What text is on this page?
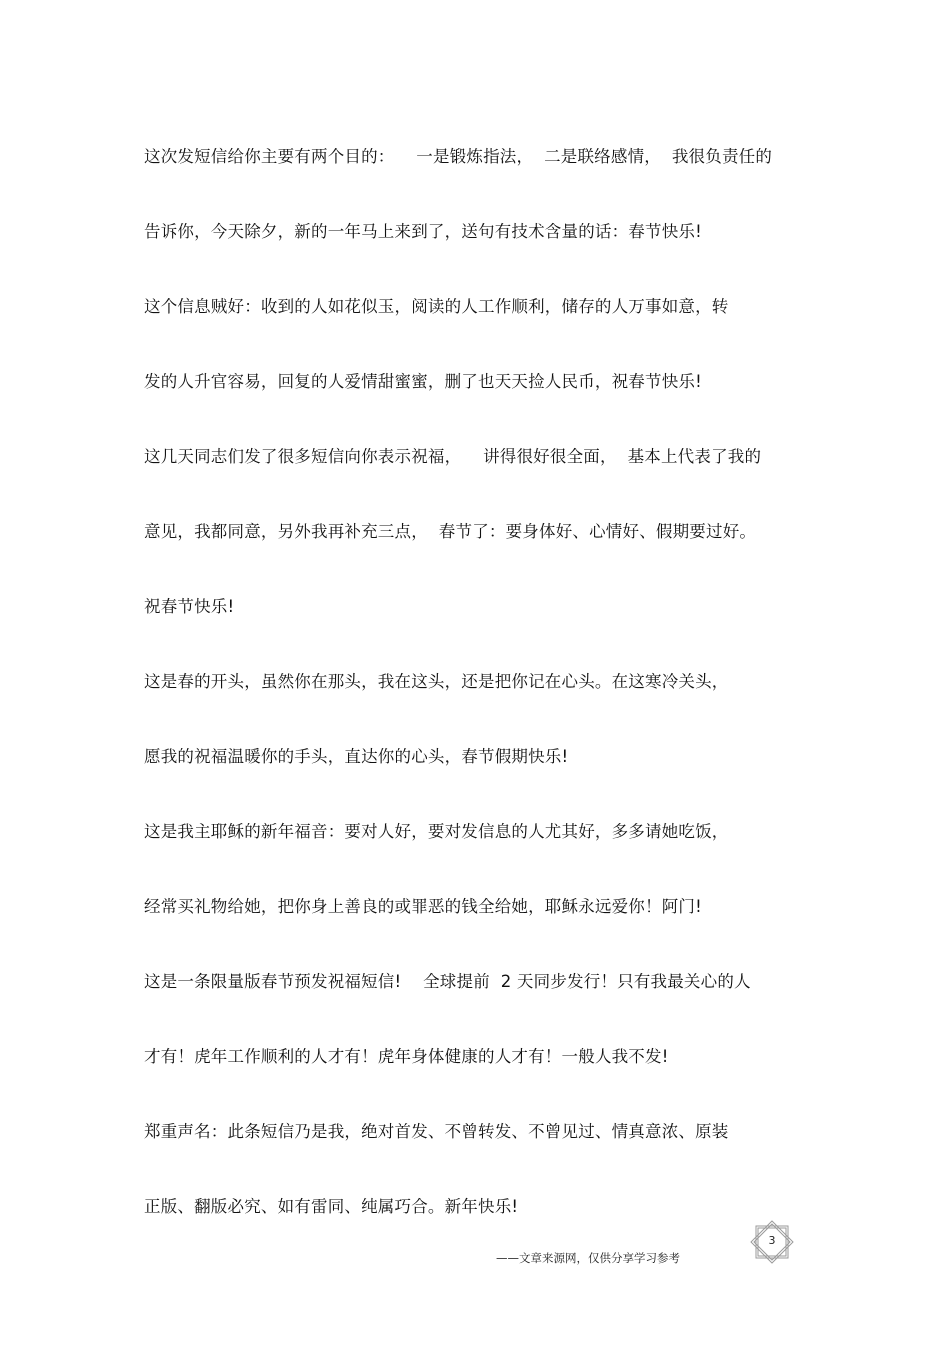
这次发短信给你主要有两个目的：    一是锻炼指法，  二是联络感情，  我很负责任的
告诉你，今天除夕，新的一年马上来到了，送句有技术含量的话：春节快乐!
这个信息贼好：收到的人如花似玉，阅读的人工作顺利，储存的人万事如意，转
发的人升官容易，回复的人爱情甜蜜蜜，删了也天天捡人民币，祝春节快乐!
这几天同志们发了很多短信向你表示祝福，    讲得很好很全面，  基本上代表了我的
意见，我都同意，另外我再补充三点，  春节了：要身体好、心情好、假期要过好。
祝春节快乐!
这是春的开头，虽然你在那头，我在这头，还是把你记在心头。在这寒冷关头，
愿我的祝福温暖你的手头，直达你的心头，春节假期快乐!
这是我主耶稣的新年福音：要对人好，要对发信息的人尤其好，多多请她吃饭，
经常买礼物给她，把你身上善良的或罪恶的钱全给她，耶稣永远爱你！阿门!
这是一条限量版春节预发祝福短信!    全球提前  2 天同步发行！只有我最关心的人
才有！虎年工作顺利的人才有！虎年身体健康的人才有！一般人我不发!
郑重声名：此条短信乃是我，绝对首发、不曾转发、不曾见过、情真意浓、原装
正版、翻版必究、如有雷同、纯属巧合。新年快乐!
3
——文章来源网，仅供分享学习参考
